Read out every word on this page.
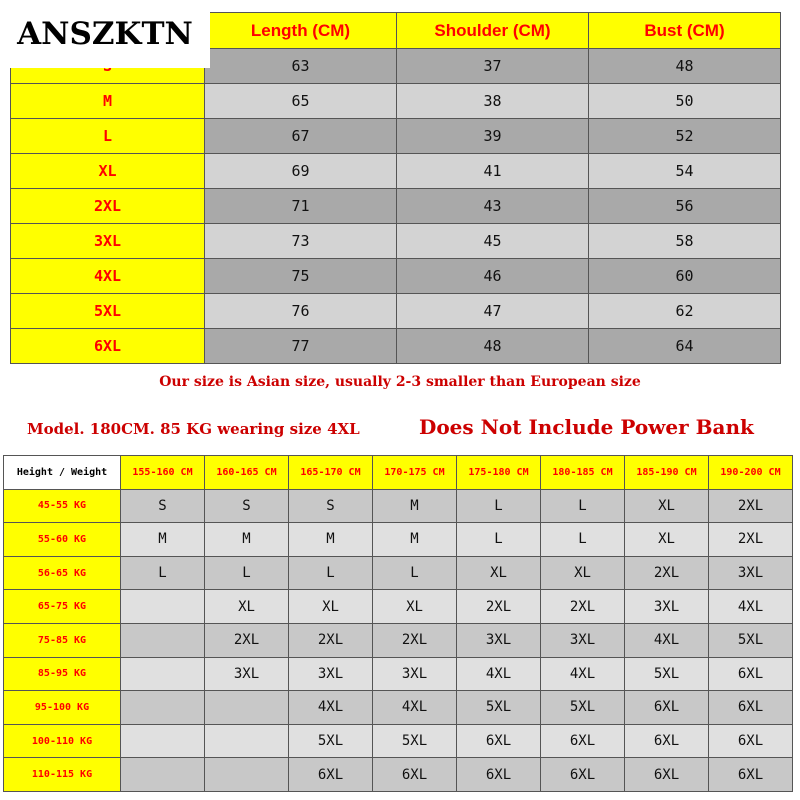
ANSZKTN
		Length (CM)	Shoulder (CM)	Bust (CM)
	63	37	48
M	65	38	50
L	67	39	52
XL	69	41	54
2XL	71	43	56
3XL	73	45	58
4XL	75	46	60
5XL	76	47	62
6XL	77	48	64
Our size is Asian size, usually 2-3 smaller than European size
Model. 180CM. 85 KG wearing size 4XL	Does Not Include Power Bank
Height / Weight	155-160 CM	160-165 CM	165-170 CM	170-175 CM	175-180 CM	180-185 CM	185-190 CM	190-200 CM
45-55 KG	S	S	S	M	L	L	XL	2XL
55-60 KG	M	M	M	M	L	L	XL	2XL
56-65 KG	L	L	L	L	XL	XL	2XL	3XL
65-75 KG		XL	XL	XL	2XL	2XL	3XL	4XL
75-85 KG		2XL	2XL	2XL	3XL	3XL	4XL	5XL
85-95 KG		3XL	3XL	3XL	4XL	4XL	5XL	6XL
95-100 KG			4XL	4XL	5XL	5XL	6XL	6XL
100-110 KG			5XL	5XL	6XL	6XL	6XL	6XL
110-115 KG			6XL	6XL	6XL	6XL	6XL	6XL
